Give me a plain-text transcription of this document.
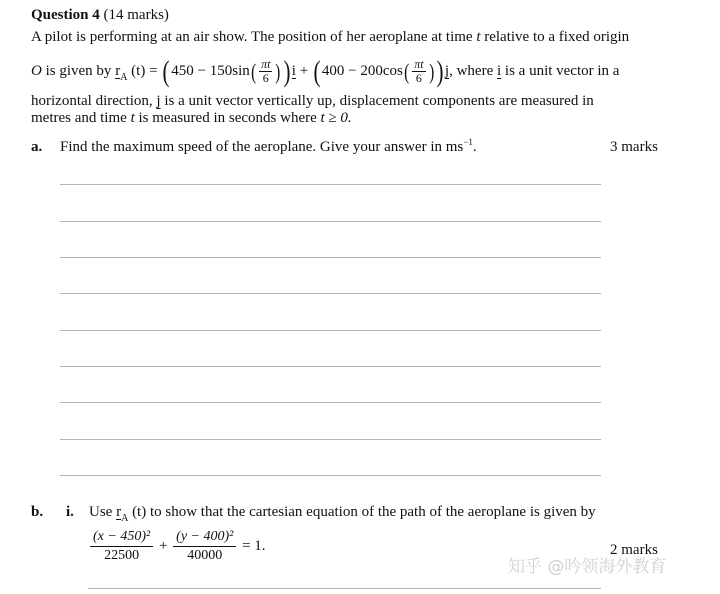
Question 4 (14 marks)
A pilot is performing at an air show. The position of her aeroplane at time t relative to a fixed origin
O is given by $r_A$ (t) = ( $450 - 150\sin( \frac{\pi t}{6}$ )) i + ( $400 - 200\cos( \frac{\pi t}{6}$ )) j, where i is a unit vector in a
horizontal direction, j is a unit vector vertically up, displacement components are measured in
metres and time t is measured in seconds where t ≥ 0.
a. Find the maximum speed of the aeroplane. Give your answer in $ms^{-1}$.	3 marks
b. i. Use $r_A$ (t) to show that the cartesian equation of the path of the aeroplane is given by
$\frac{\text{(x − 450)²}}{22500} + \frac{\text{(y − 400)²}}{40000} = 1$.	2 marks
知乎 @吟领海外教育
